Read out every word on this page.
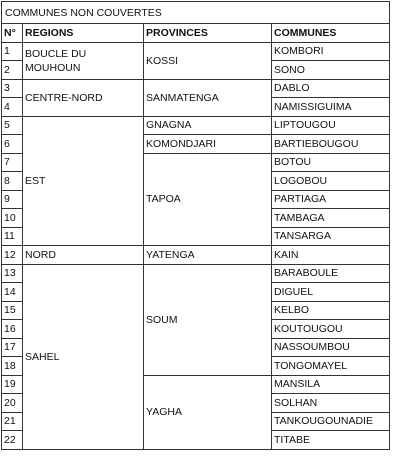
COMMUNES NON COUVERTES			
N°	REGIONS	PROVINCES	COMMUNES
1	BOUCLE DU MOUHOUN	KOSSI	KOMBORI
2			SONO
3	CENTRE-NORD	SANMATENGA	DABLO
4			NAMISSIGUIMA
5	EST	GNAGNA	LIPTOUGOU
6		KOMONDJARI	BARTIEBOUGOU
7		TAPOA	BOTOU
8			LOGOBOU
9			PARTIAGA
10			TAMBAGA
11			TANSARGA
12	NORD	YATENGA	KAIN
13	SAHEL	SOUM	BARABOULE
14			DIGUEL
15			KELBO
16			KOUTOUGOU
17			NASSOUMBOU
18			TONGOMAYEL
19		YAGHA	MANSILA
20			SOLHAN
21			TANKOUGOUNADIE
22			TITABE
